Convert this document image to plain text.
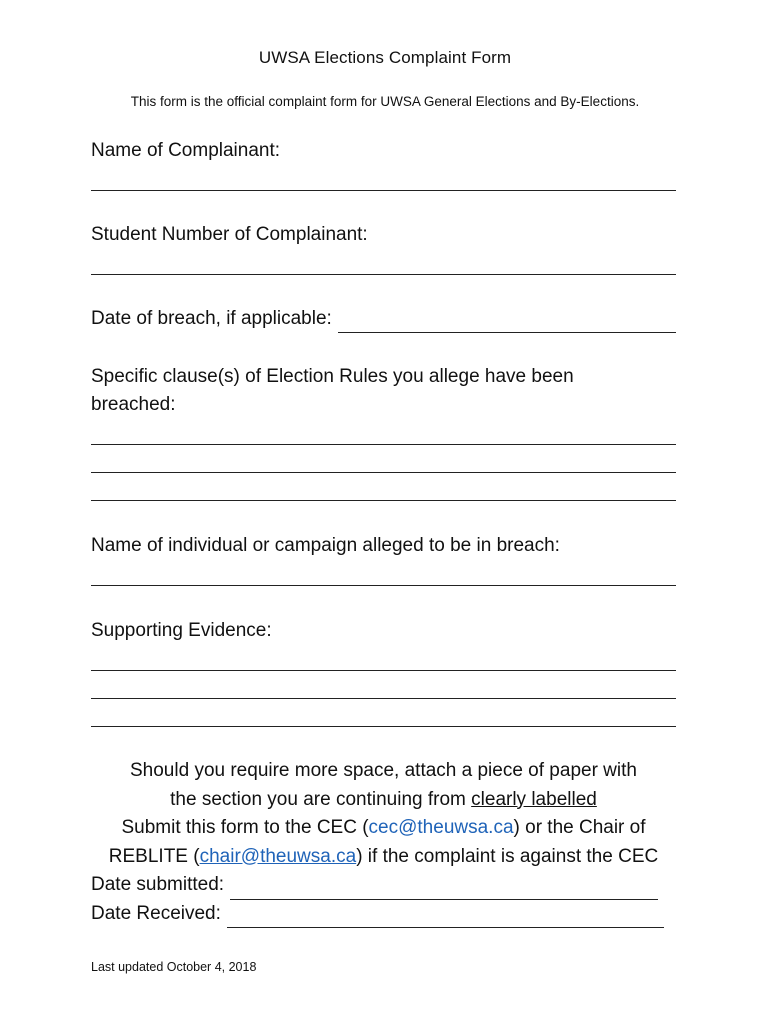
UWSA Elections Complaint Form
This form is the official complaint form for UWSA General Elections and By-Elections.
Name of Complainant:
Student Number of Complainant:
Date of breach, if applicable:
Specific clause(s) of Election Rules you allege have been breached:
Name of individual or campaign alleged to be in breach:
Supporting Evidence:
Should you require more space, attach a piece of paper with
the section you are continuing from clearly labelled
Submit this form to the CEC (cec@theuwsa.ca) or the Chair of
REBLITE (chair@theuwsa.ca) if the complaint is against the CEC
Date submitted:
Date Received:
Last updated October 4, 2018
